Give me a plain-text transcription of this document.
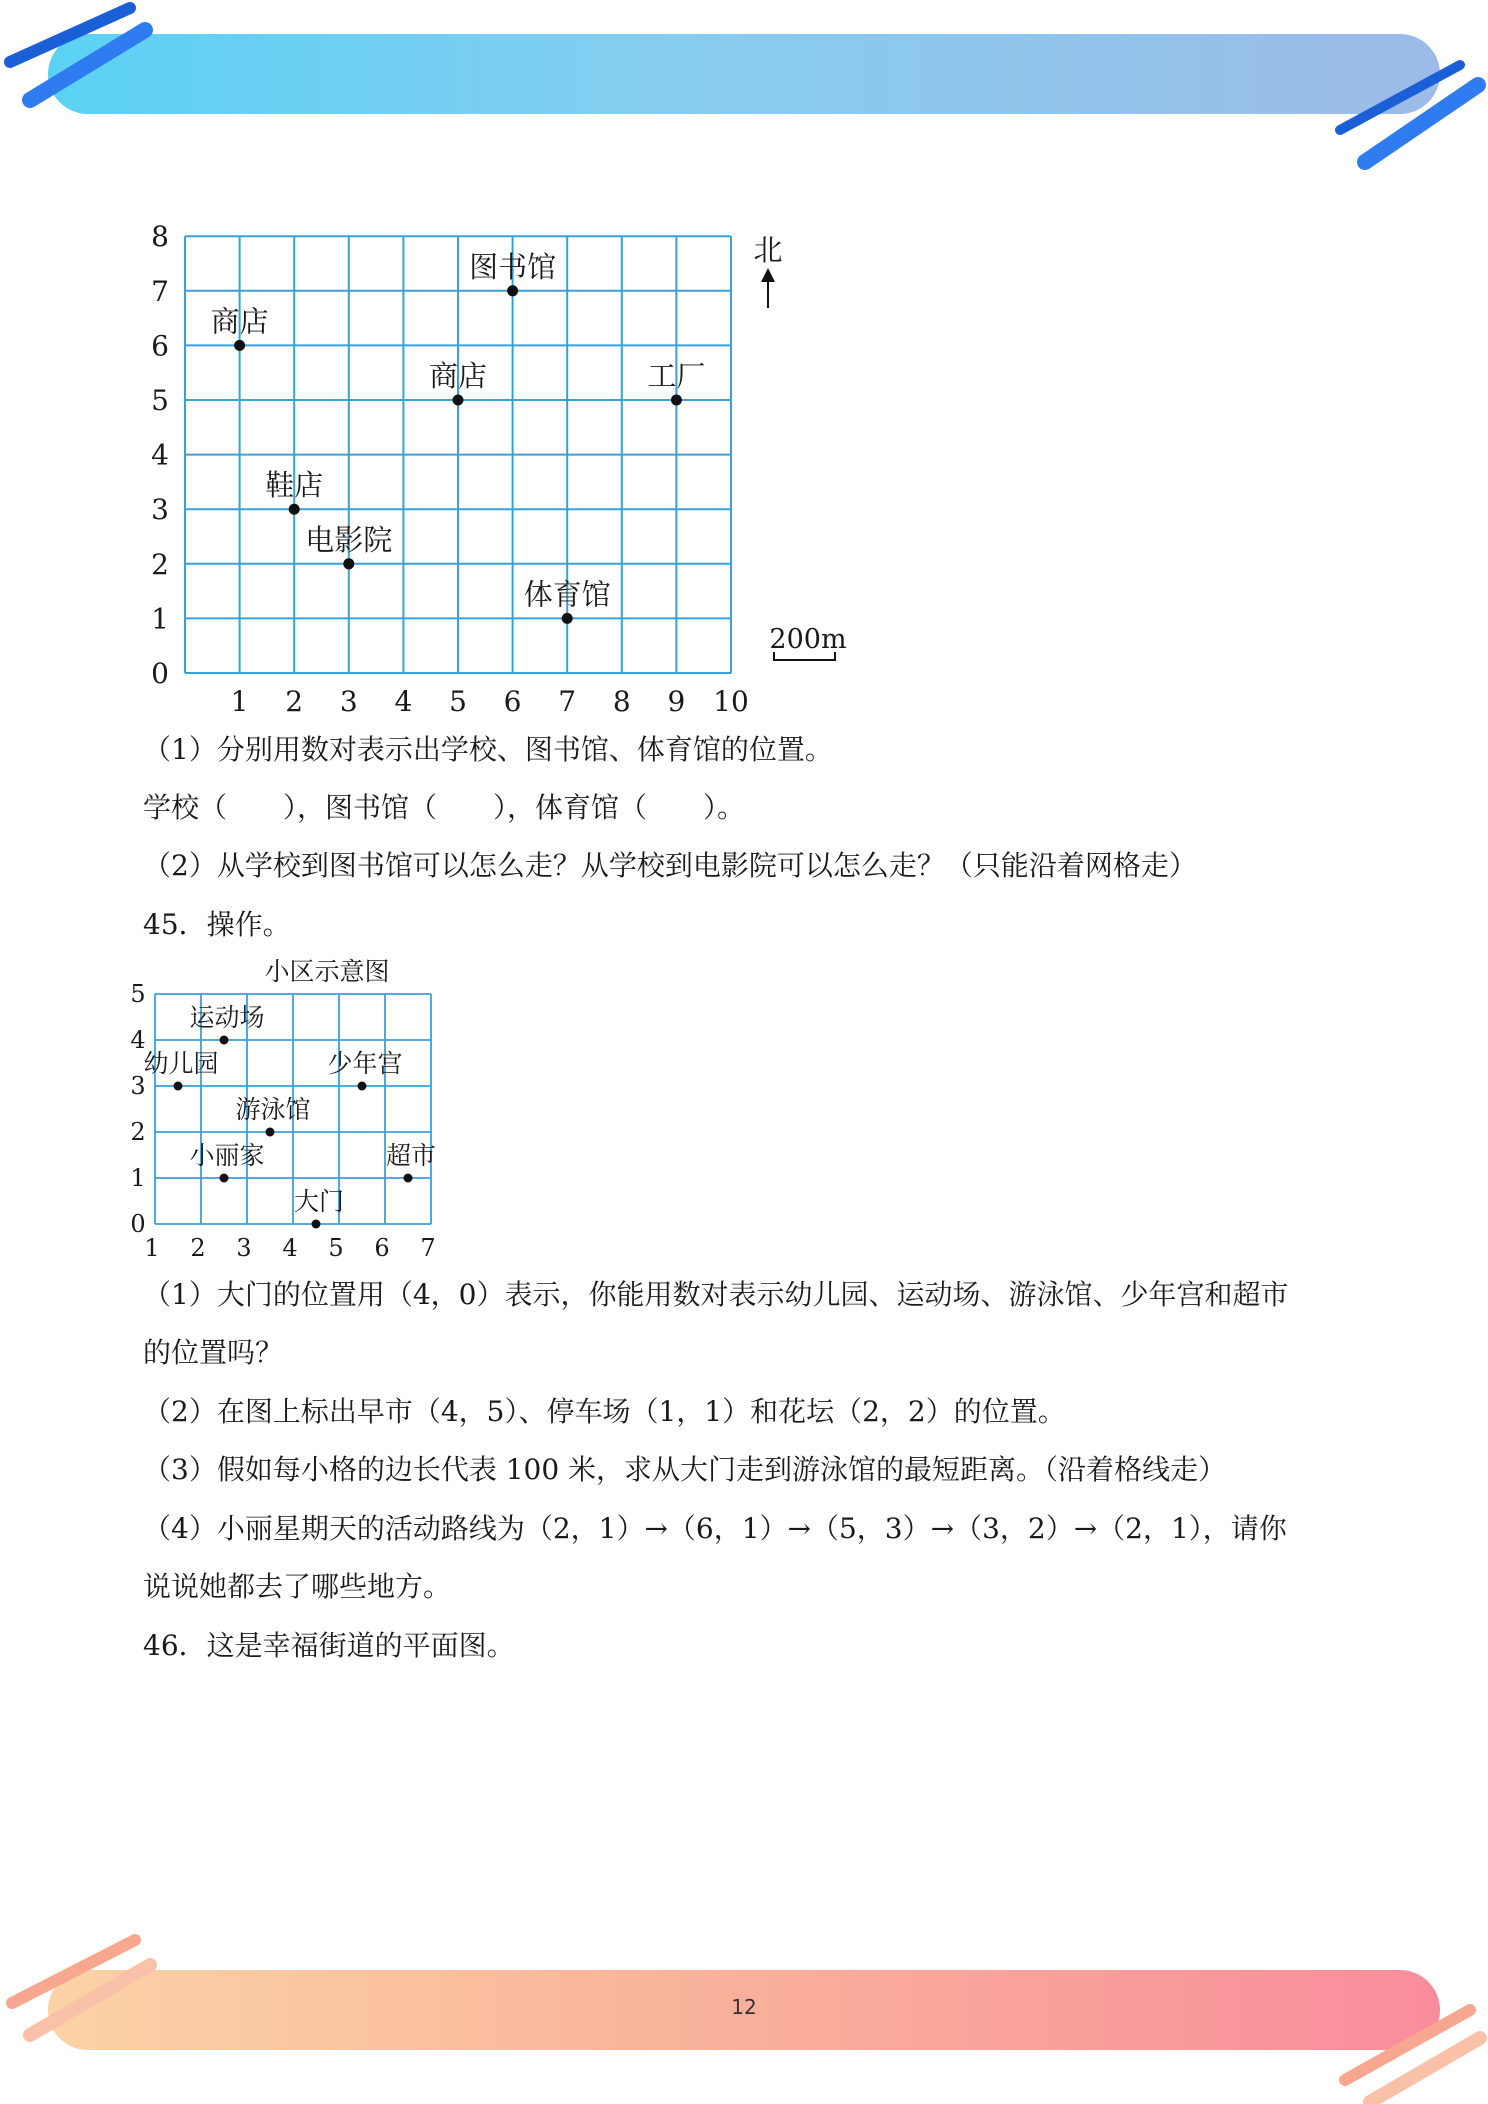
12
1 2 3 4 5 6 7 8 9 10
0
1
2
3
4
5
6
7
8
图书馆
商店
商店	工厂
鞋店
电影院
体育馆
北
200m
（1）分别用数对表示出学校、图书馆、体育馆的位置。
学校（　　），图书馆（　　），体育馆（　　）。
（2）从学校到图书馆可以怎么走？从学校到电影院可以怎么走？（只能沿着网格走）
45．操作。
小区示意图
1 2 3 4 5 6 7
0
1
2
3
4
5
运动场
幼儿园	少年宫
游泳馆
超市
小丽家
大门
（1）大门的位置用（4，0）表示，你能用数对表示幼儿园、运动场、游泳馆、少年宫和超市
的位置吗？
（2）在图上标出早市（4，5）、停车场（1，1）和花坛（2，2）的位置。
（3）假如每小格的边长代表 100 米，求从大门走到游泳馆的最短距离。（沿着格线走）
（4）小丽星期天的活动路线为（2，1）→（6，1）→（5，3）→（3，2）→（2，1），请你
说说她都去了哪些地方。
46．这是幸福街道的平面图。
